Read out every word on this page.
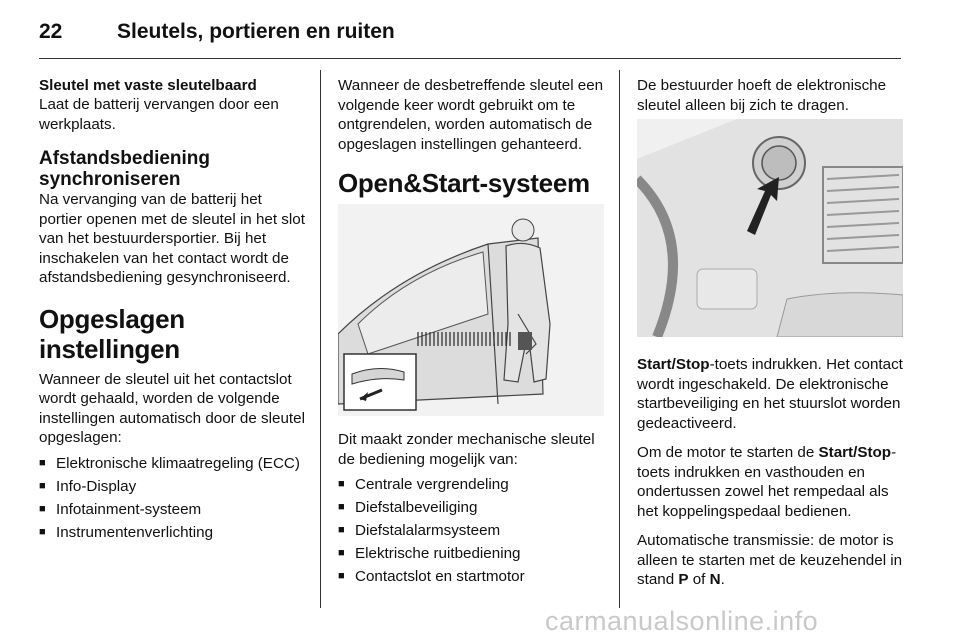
22	Sleutels, portieren en ruiten
Sleutel met vaste sleutelbaard

Laat de batterij vervangen door een werkplaats.

Afstandsbediening synchroniseren

Na vervanging van de batterij het portier openen met de sleutel in het slot van het bestuurdersportier. Bij het inschakelen van het contact wordt de afstandsbediening gesynchroniseerd.

Opgeslagen instellingen

Wanneer de sleutel uit het contactslot wordt gehaald, worden de volgende instellingen automatisch door de sleutel opgeslagen:

■ Elektronische klimaatregeling (ECC)
■ Info-Display
■ Infotainment-systeem
■ Instrumentenverlichting

Wanneer de desbetreffende sleutel een volgende keer wordt gebruikt om te ontgrendelen, worden automatisch de opgeslagen instellingen gehanteerd.

Open&Start-systeem

Dit maakt zonder mechanische sleutel de bediening mogelijk van:

■ Centrale vergrendeling
■ Diefstalbeveiliging
■ Diefstalalarmsysteem
■ Elektrische ruitbediening
■ Contactslot en startmotor

De bestuurder hoeft de elektronische sleutel alleen bij zich te dragen.

Start/Stop-toets indrukken. Het contact wordt ingeschakeld. De elektronische startbeveiliging en het stuurslot worden gedeactiveerd.

Om de motor te starten de Start/Stop-toets indrukken en vasthouden en ondertussen zowel het rempedaal als het koppelingspedaal bedienen.

Automatische transmissie: de motor is alleen te starten met de keuzehendel in stand P of N.

carmanualsonline.info
